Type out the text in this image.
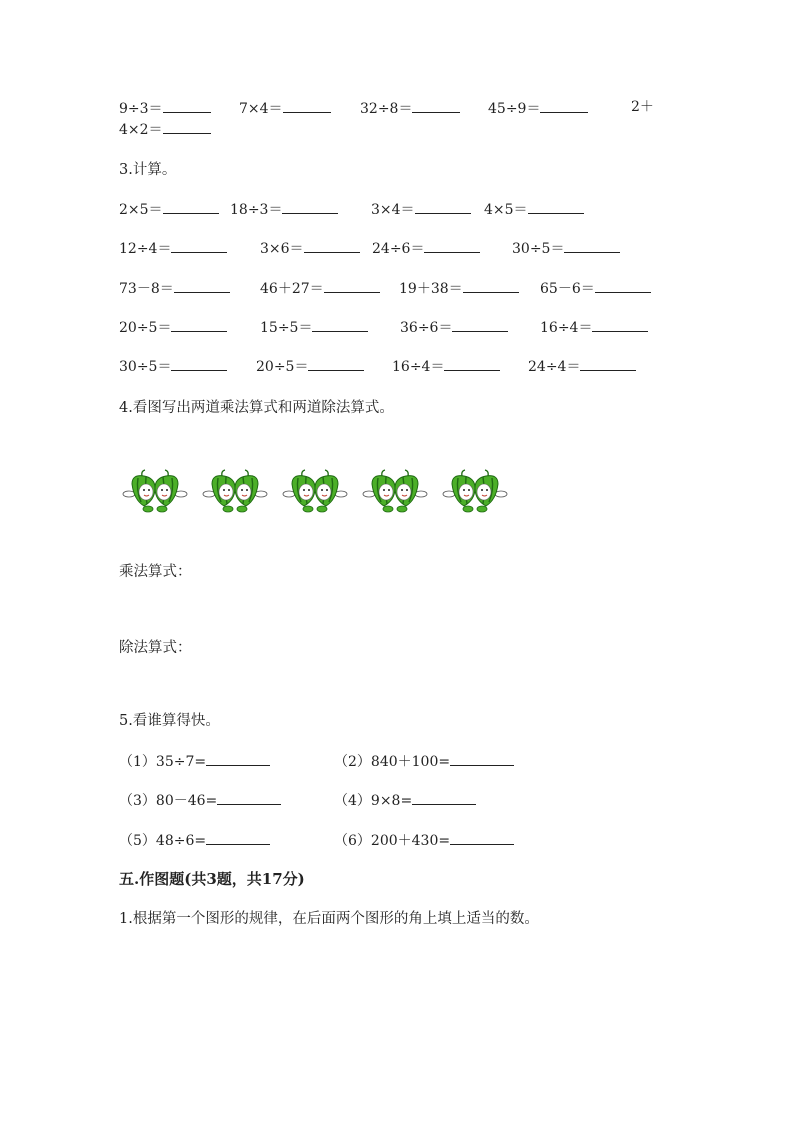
9÷3＝	7×4＝	32÷8＝	45÷9＝	2＋
4×2＝
3.计算。
2×5＝	18÷3＝	3×4＝	4×5＝
12÷4＝	3×6＝	24÷6＝	30÷5＝
73－8＝	46＋27＝	19＋38＝	65－6＝
20÷5＝	15÷5＝	36÷6＝	16÷4＝
30÷5＝	20÷5＝	16÷4＝	24÷4＝
4.看图写出两道乘法算式和两道除法算式。
乘法算式：
除法算式：
5.看谁算得快。
（1）35÷7=	（2）840＋100=
（3）80－46=	（4）9×8=
（5）48÷6=	（6）200＋430=
五.作图题(共3题，共17分)
1.根据第一个图形的规律，在后面两个图形的角上填上适当的数。
